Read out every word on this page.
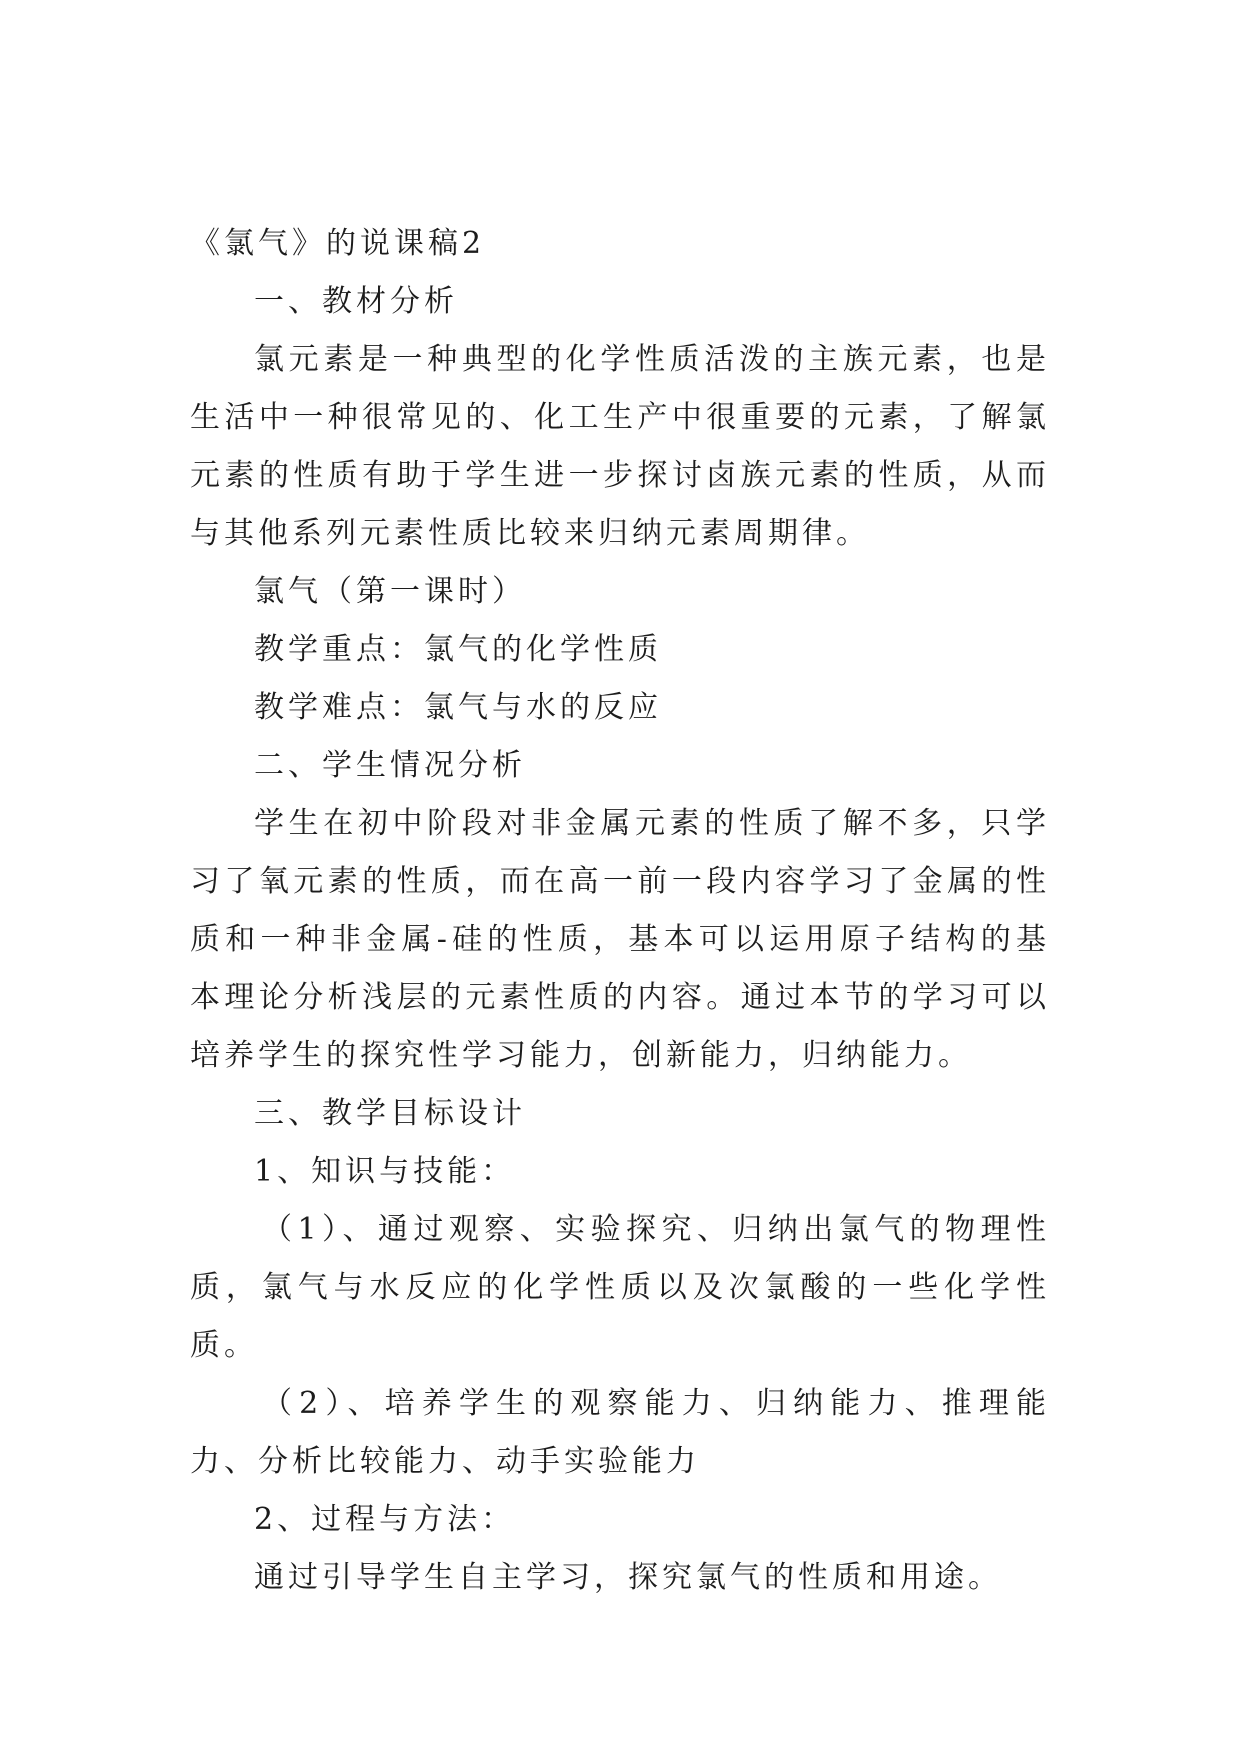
《氯气》的说课稿2

一、教材分析

氯元素是一种典型的化学性质活泼的主族元素，也是生活中一种很常见的、化工生产中很重要的元素，了解氯元素的性质有助于学生进一步探讨卤族元素的性质，从而与其他系列元素性质比较来归纳元素周期律。

氯气（第一课时）

教学重点：氯气的化学性质

教学难点：氯气与水的反应

二、学生情况分析

学生在初中阶段对非金属元素的性质了解不多，只学习了氧元素的性质，而在高一前一段内容学习了金属的性质和一种非金属-硅的性质，基本可以运用原子结构的基本理论分析浅层的元素性质的内容。通过本节的学习可以培养学生的探究性学习能力，创新能力，归纳能力。

三、教学目标设计

1、知识与技能：

（1）、通过观察、实验探究、归纳出氯气的物理性质，氯气与水反应的化学性质以及次氯酸的一些化学性质。

（2）、培养学生的观察能力、归纳能力、推理能力、分析比较能力、动手实验能力

2、过程与方法：

通过引导学生自主学习，探究氯气的性质和用途。
